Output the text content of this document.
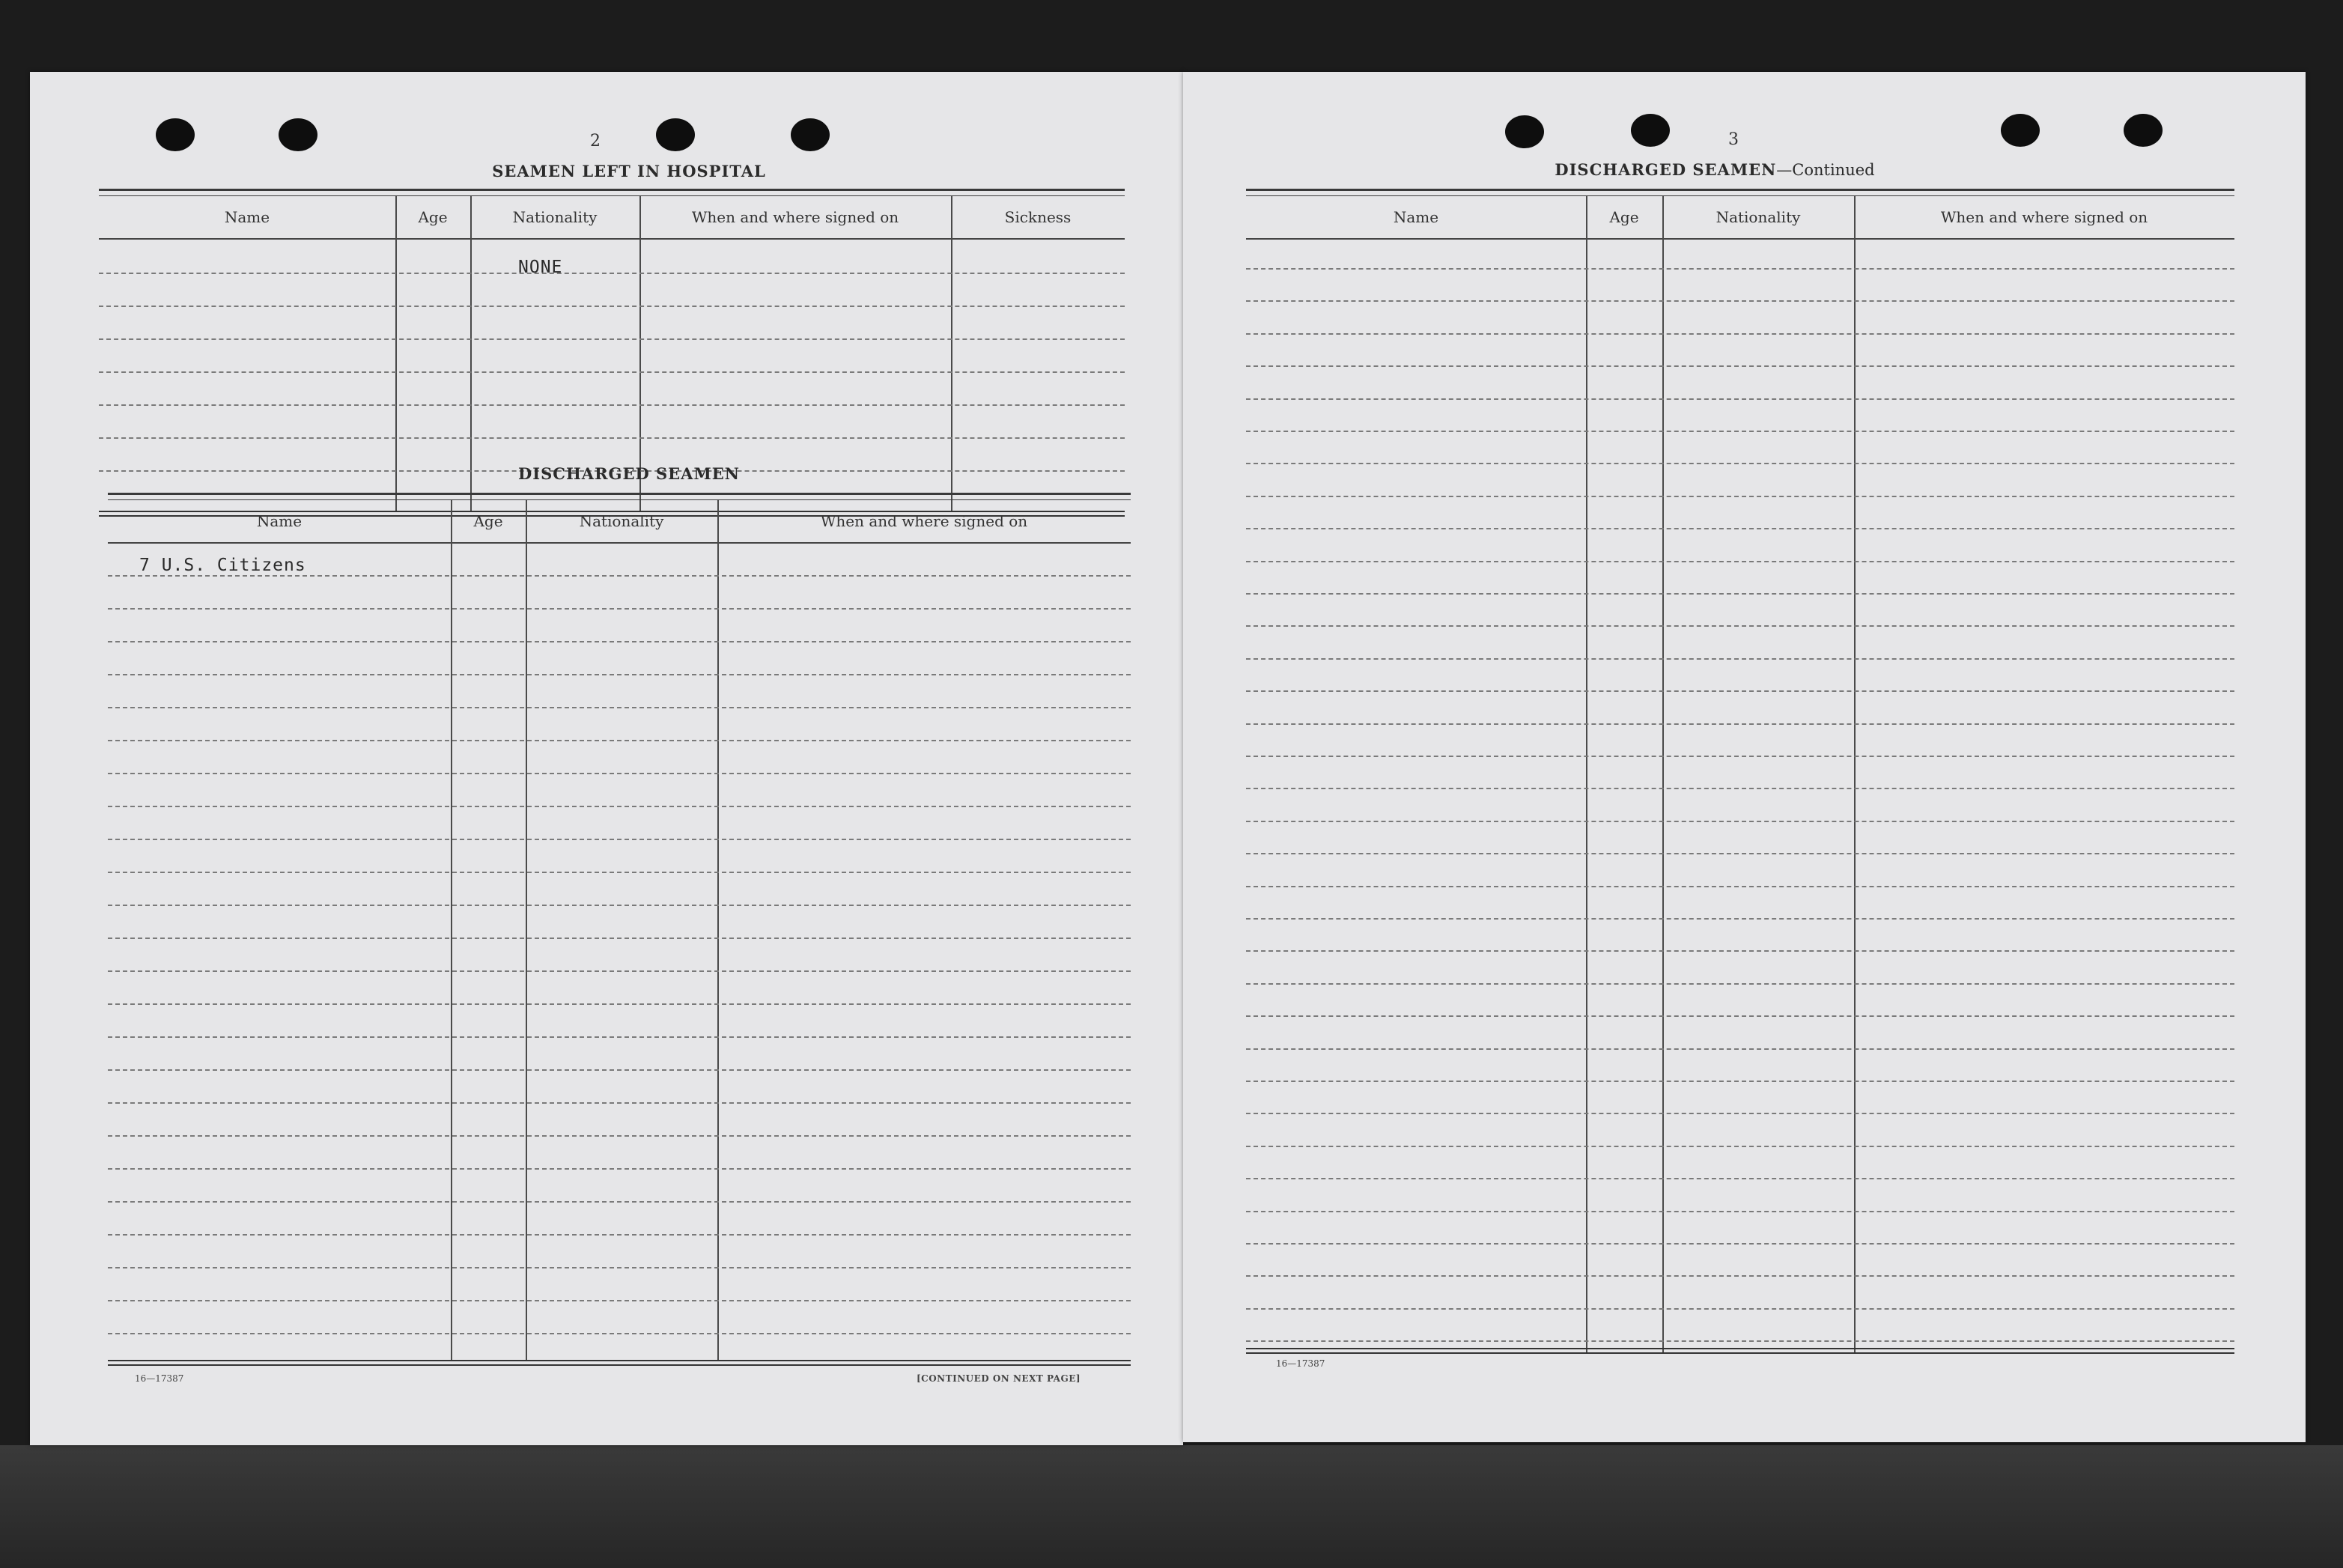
2
SEAMEN LEFT IN HOSPITAL
Name	Age	Nationality	When and where signed on	Sickness
NONE
DISCHARGED SEAMEN
Name	Age	Nationality	When and where signed on
7 U.S. Citizens
16—17387	[CONTINUED ON NEXT PAGE]
3
DISCHARGED SEAMEN—Continued
Name	Age	Nationality	When and where signed on
16—17387
